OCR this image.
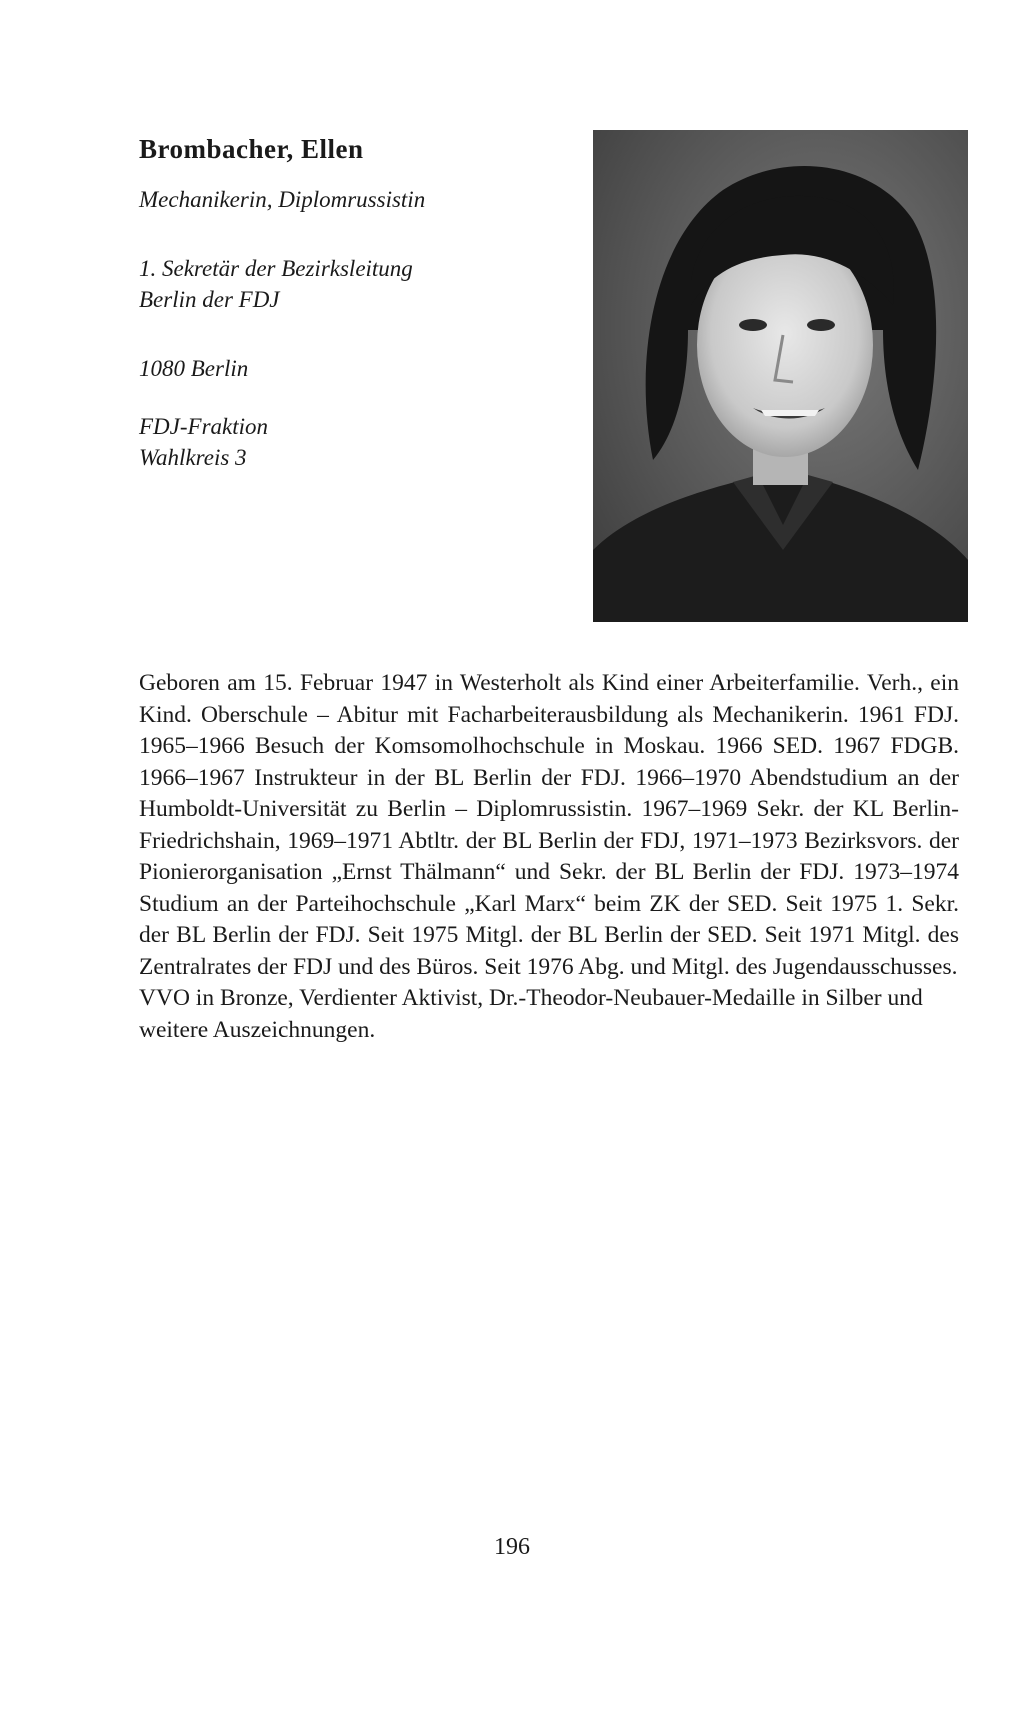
Brombacher, Ellen
Mechanikerin, Diplomrussistin
1. Sekretär der Bezirksleitung
Berlin der FDJ
1080 Berlin
FDJ-Fraktion
Wahlkreis 3

Geboren am 15. Februar 1947 in Westerholt als Kind einer Arbeiterfamilie. Verh., ein Kind. Oberschule – Abitur mit Facharbeiterausbildung als Mechanikerin. 1961 FDJ. 1965–1966 Besuch der Komsomolhochschule in Moskau. 1966 SED. 1967 FDGB. 1966–1967 Instrukteur in der BL Berlin der FDJ. 1966–1970 Abendstudium an der Humboldt-Universität zu Berlin – Diplomrussistin. 1967–1969 Sekr. der KL Berlin-Friedrichshain, 1969–1971 Abtltr. der BL Berlin der FDJ, 1971–1973 Bezirksvors. der Pionierorganisation „Ernst Thälmann“ und Sekr. der BL Berlin der FDJ. 1973–1974 Studium an der Parteihochschule „Karl Marx“ beim ZK der SED. Seit 1975 1. Sekr. der BL Berlin der FDJ. Seit 1975 Mitgl. der BL Berlin der SED. Seit 1971 Mitgl. des Zentralrates der FDJ und des Büros. Seit 1976 Abg. und Mitgl. des Jugendausschusses.

VVO in Bronze, Verdienter Aktivist, Dr.-Theodor-Neubauer-Medaille in Silber und weitere Auszeichnungen.

196
